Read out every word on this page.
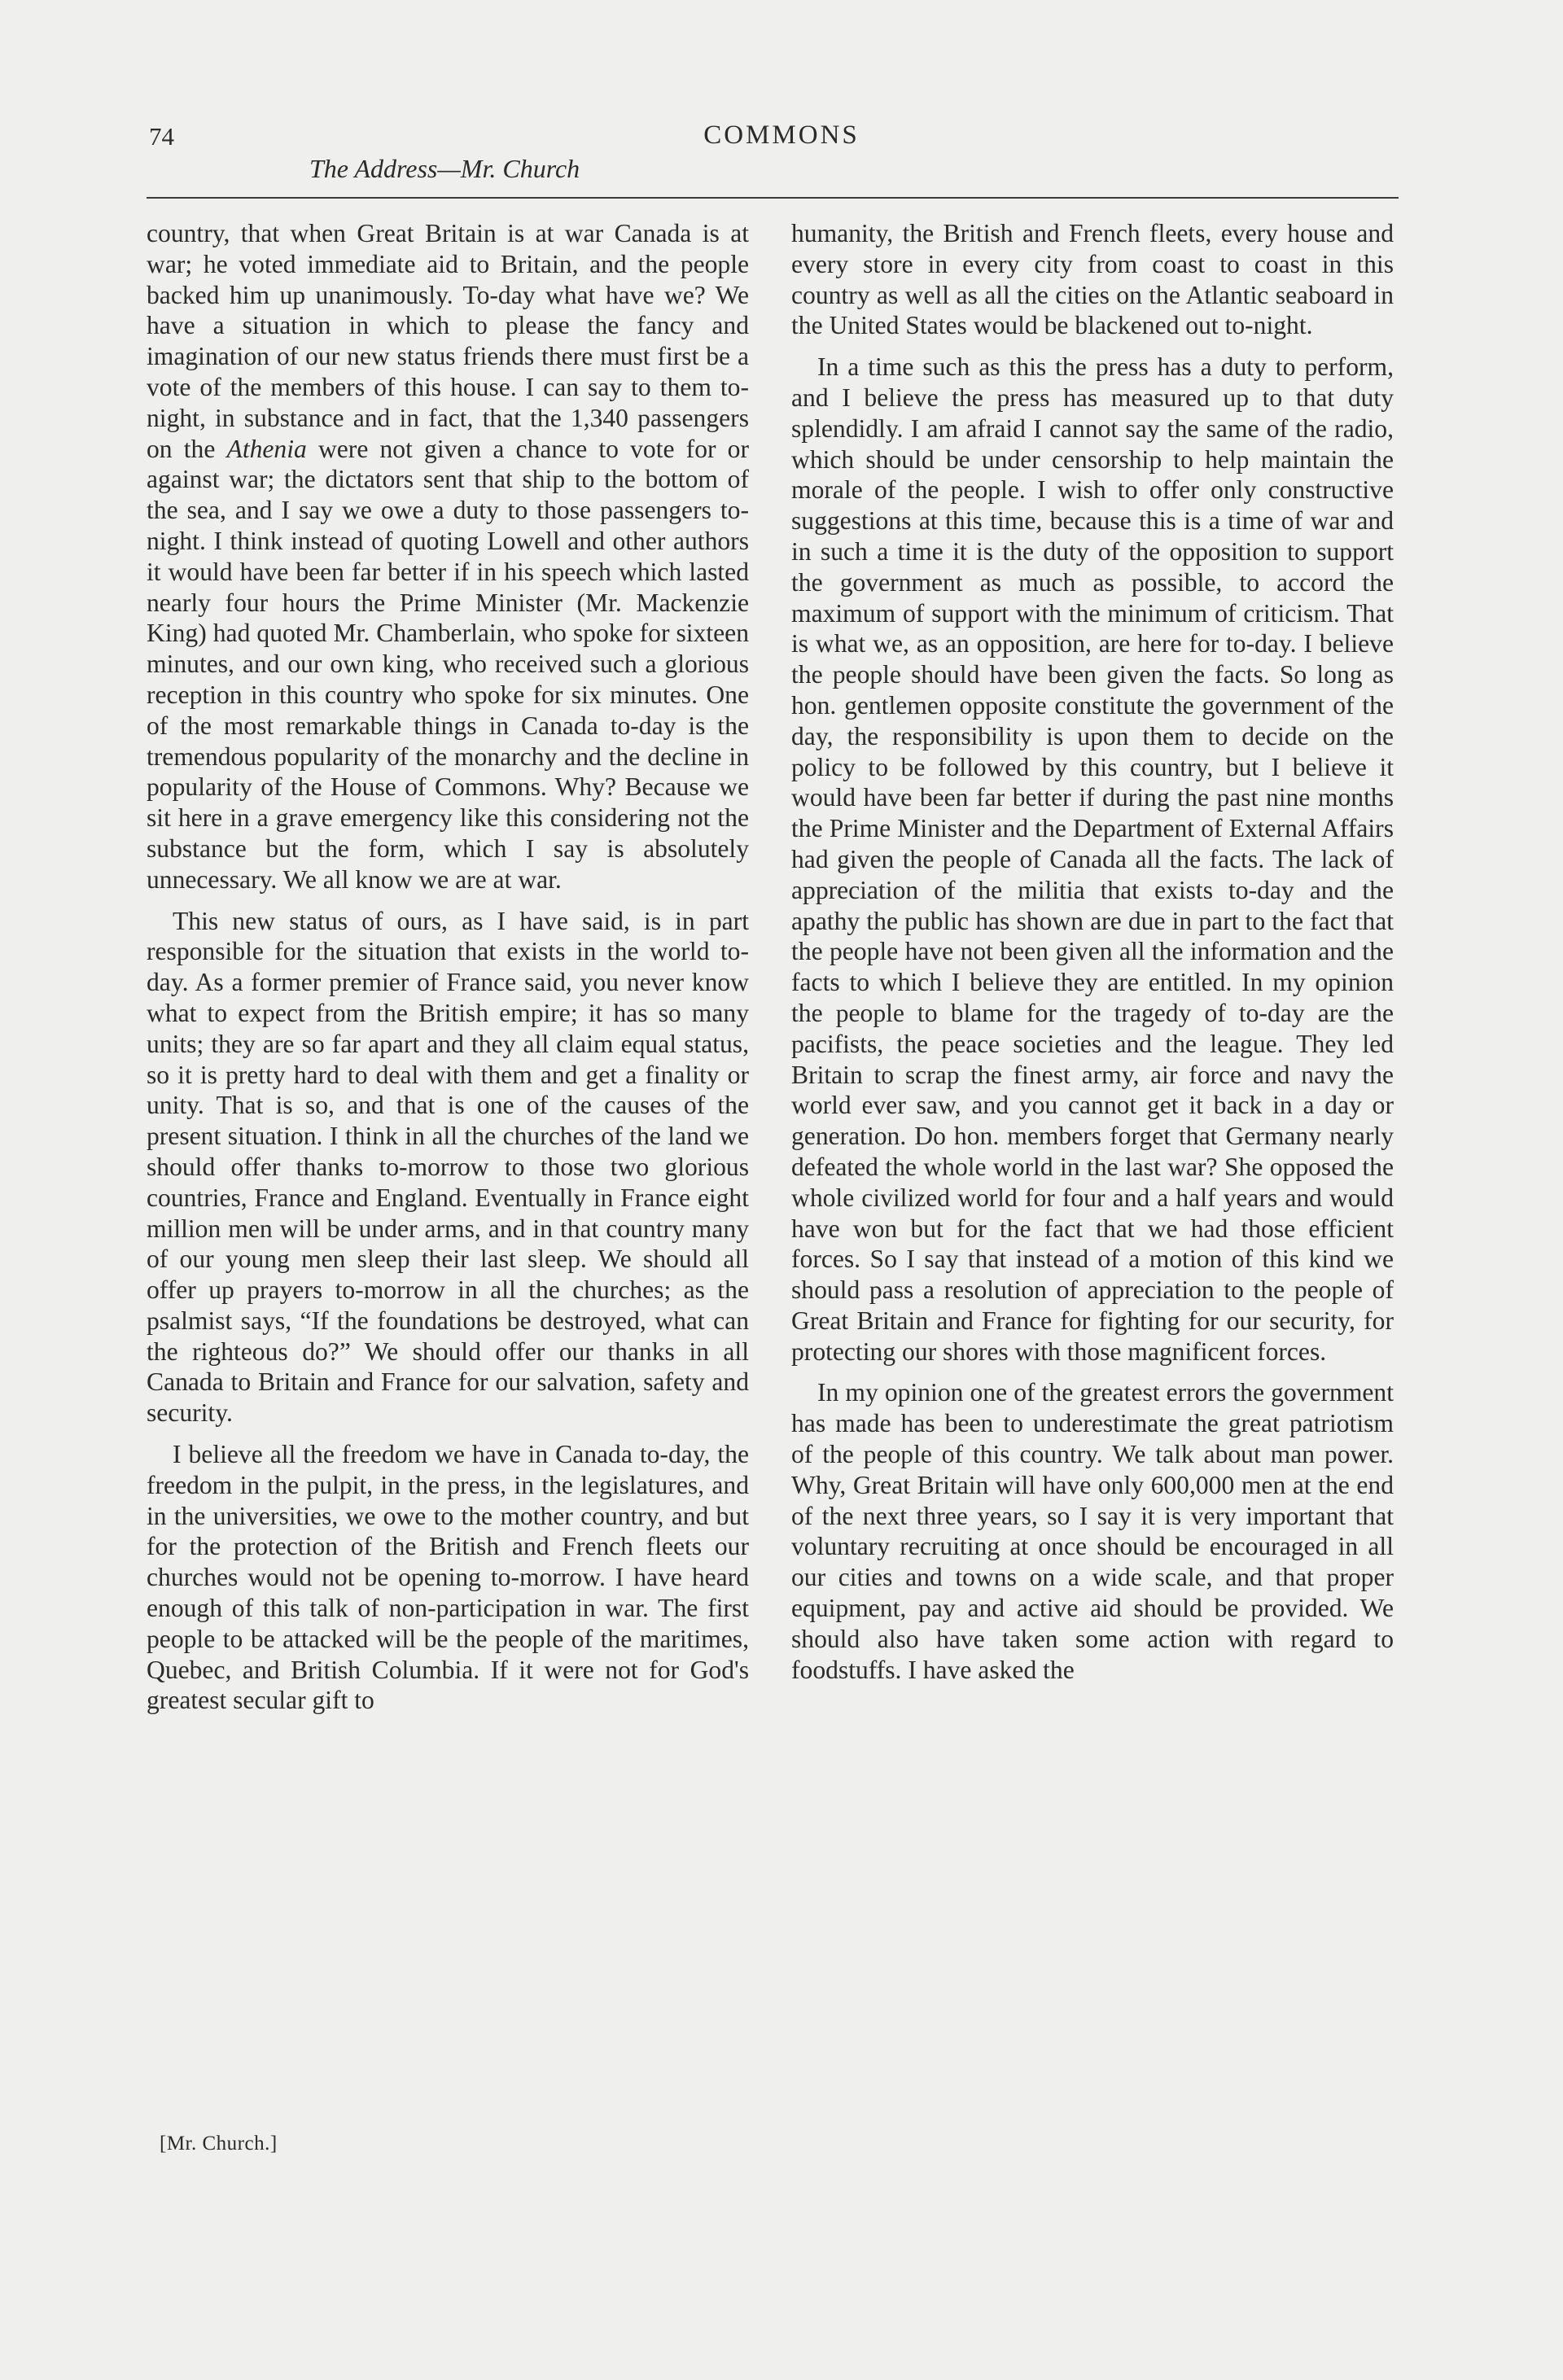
74	COMMONS
The Address—Mr. Church

country, that when Great Britain is at war Canada is at war; he voted immediate aid to Britain, and the people backed him up unanimously. To-day what have we? We have a situation in which to please the fancy and imagination of our new status friends there must first be a vote of the members of this house. I can say to them to-night, in substance and in fact, that the 1,340 passengers on the Athenia were not given a chance to vote for or against war; the dictators sent that ship to the bottom of the sea, and I say we owe a duty to those passengers to-night. I think instead of quoting Lowell and other authors it would have been far better if in his speech which lasted nearly four hours the Prime Minister (Mr. Mackenzie King) had quoted Mr. Chamberlain, who spoke for sixteen minutes, and our own king, who received such a glorious reception in this country who spoke for six minutes. One of the most remarkable things in Canada to-day is the tremendous popularity of the monarchy and the decline in popularity of the House of Commons. Why? Because we sit here in a grave emergency like this considering not the substance but the form, which I say is absolutely unnecessary. We all know we are at war.

This new status of ours, as I have said, is in part responsible for the situation that exists in the world to-day. As a former premier of France said, you never know what to expect from the British empire; it has so many units; they are so far apart and they all claim equal status, so it is pretty hard to deal with them and get a finality or unity. That is so, and that is one of the causes of the present situation. I think in all the churches of the land we should offer thanks to-morrow to those two glorious countries, France and England. Eventually in France eight million men will be under arms, and in that country many of our young men sleep their last sleep. We should all offer up prayers to-morrow in all the churches; as the psalmist says, “If the foundations be destroyed, what can the righteous do?” We should offer our thanks in all Canada to Britain and France for our salvation, safety and security.

I believe all the freedom we have in Canada to-day, the freedom in the pulpit, in the press, in the legislatures, and in the universities, we owe to the mother country, and but for the protection of the British and French fleets our churches would not be opening to-morrow. I have heard enough of this talk of non-participation in war. The first people to be attacked will be the people of the maritimes, Quebec, and British Columbia. If it were not for God's greatest secular gift to

humanity, the British and French fleets, every house and every store in every city from coast to coast in this country as well as all the cities on the Atlantic seaboard in the United States would be blackened out to-night.

In a time such as this the press has a duty to perform, and I believe the press has measured up to that duty splendidly. I am afraid I cannot say the same of the radio, which should be under censorship to help maintain the morale of the people. I wish to offer only constructive suggestions at this time, because this is a time of war and in such a time it is the duty of the opposition to support the government as much as possible, to accord the maximum of support with the minimum of criticism. That is what we, as an opposition, are here for to-day. I believe the people should have been given the facts. So long as hon. gentlemen opposite constitute the government of the day, the responsibility is upon them to decide on the policy to be followed by this country, but I believe it would have been far better if during the past nine months the Prime Minister and the Department of External Affairs had given the people of Canada all the facts. The lack of appreciation of the militia that exists to-day and the apathy the public has shown are due in part to the fact that the people have not been given all the information and the facts to which I believe they are entitled. In my opinion the people to blame for the tragedy of to-day are the pacifists, the peace societies and the league. They led Britain to scrap the finest army, air force and navy the world ever saw, and you cannot get it back in a day or generation. Do hon. members forget that Germany nearly defeated the whole world in the last war? She opposed the whole civilized world for four and a half years and would have won but for the fact that we had those efficient forces. So I say that instead of a motion of this kind we should pass a resolution of appreciation to the people of Great Britain and France for fighting for our security, for protecting our shores with those magnificent forces.

In my opinion one of the greatest errors the government has made has been to underestimate the great patriotism of the people of this country. We talk about man power. Why, Great Britain will have only 600,000 men at the end of the next three years, so I say it is very important that voluntary recruiting at once should be encouraged in all our cities and towns on a wide scale, and that proper equipment, pay and active aid should be provided. We should also have taken some action with regard to foodstuffs. I have asked the

[Mr. Church.]
